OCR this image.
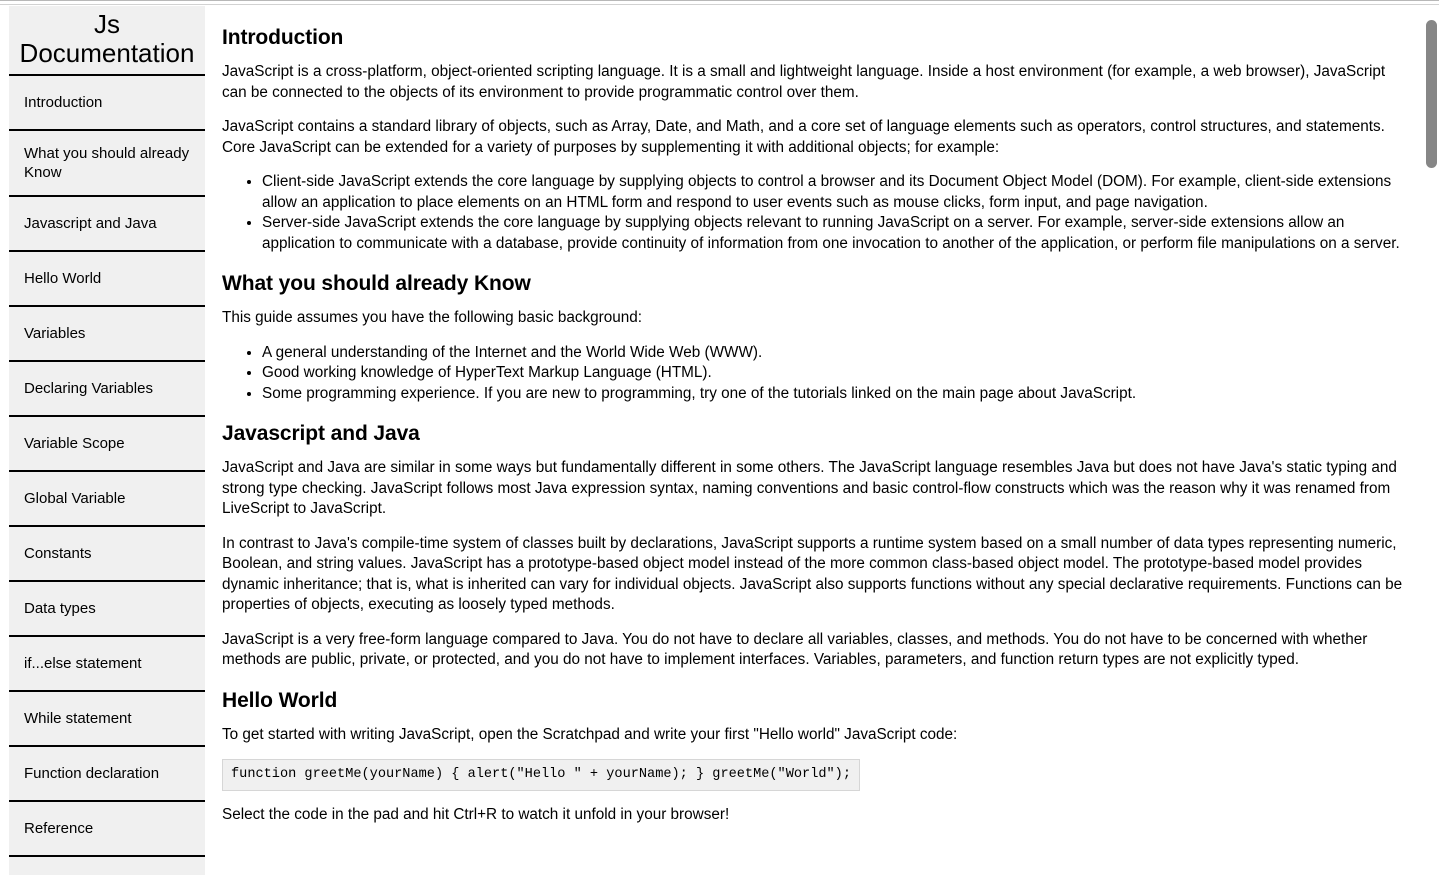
Js Documentation
Introduction
What you should already Know
Javascript and Java
Hello World
Variables
Declaring Variables
Variable Scope
Global Variable
Constants
Data types
if...else statement
While statement
Function declaration
Reference
Introduction

JavaScript is a cross-platform, object-oriented scripting language. It is a small and lightweight language. Inside a host environment (for example, a web browser), JavaScript can be connected to the objects of its environment to provide programmatic control over them.

JavaScript contains a standard library of objects, such as Array, Date, and Math, and a core set of language elements such as operators, control structures, and statements. Core JavaScript can be extended for a variety of purposes by supplementing it with additional objects; for example:

• Client-side JavaScript extends the core language by supplying objects to control a browser and its Document Object Model (DOM). For example, client-side extensions allow an application to place elements on an HTML form and respond to user events such as mouse clicks, form input, and page navigation.
• Server-side JavaScript extends the core language by supplying objects relevant to running JavaScript on a server. For example, server-side extensions allow an application to communicate with a database, provide continuity of information from one invocation to another of the application, or perform file manipulations on a server.
What you should already Know

This guide assumes you have the following basic background:

• A general understanding of the Internet and the World Wide Web (WWW).
• Good working knowledge of HyperText Markup Language (HTML).
• Some programming experience. If you are new to programming, try one of the tutorials linked on the main page about JavaScript.
Javascript and Java

JavaScript and Java are similar in some ways but fundamentally different in some others. The JavaScript language resembles Java but does not have Java's static typing and strong type checking. JavaScript follows most Java expression syntax, naming conventions and basic control-flow constructs which was the reason why it was renamed from LiveScript to JavaScript.

In contrast to Java's compile-time system of classes built by declarations, JavaScript supports a runtime system based on a small number of data types representing numeric, Boolean, and string values. JavaScript has a prototype-based object model instead of the more common class-based object model. The prototype-based model provides dynamic inheritance; that is, what is inherited can vary for individual objects. JavaScript also supports functions without any special declarative requirements. Functions can be properties of objects, executing as loosely typed methods.

JavaScript is a very free-form language compared to Java. You do not have to declare all variables, classes, and methods. You do not have to be concerned with whether methods are public, private, or protected, and you do not have to implement interfaces. Variables, parameters, and function return types are not explicitly typed.

Hello World

To get started with writing JavaScript, open the Scratchpad and write your first "Hello world" JavaScript code:

function greetMe(yourName) { alert("Hello " + yourName); } greetMe("World");

Select the code in the pad and hit Ctrl+R to watch it unfold in your browser!
